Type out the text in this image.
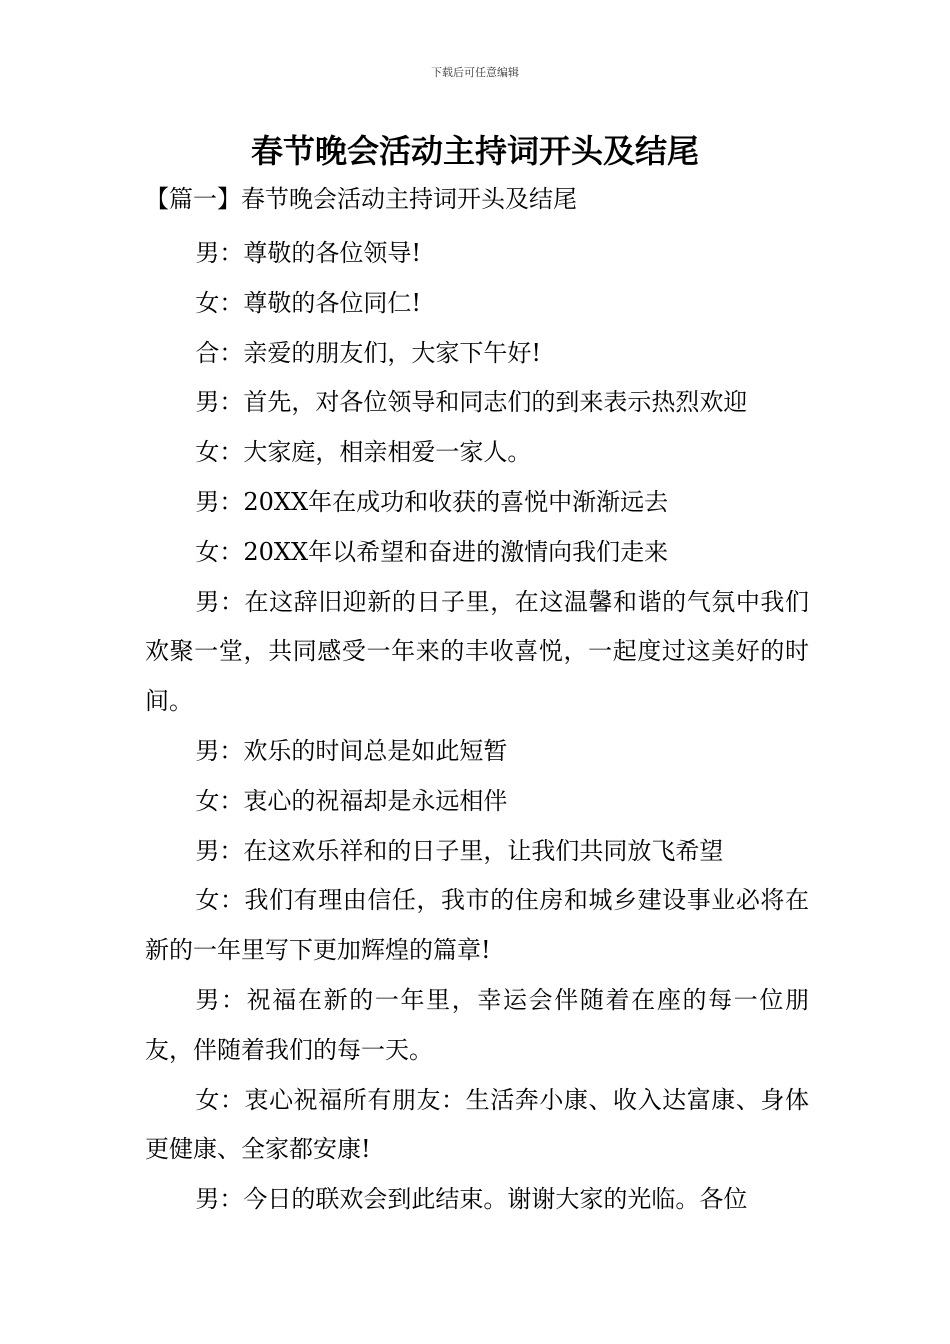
下载后可任意编辑
春节晚会活动主持词开头及结尾
【篇一】春节晚会活动主持词开头及结尾

男：尊敬的各位领导!

女：尊敬的各位同仁!

合：亲爱的朋友们，大家下午好!

男：首先，对各位领导和同志们的到来表示热烈欢迎

女：大家庭，相亲相爱一家人。

男：20XX年在成功和收获的喜悦中渐渐远去

女：20XX年以希望和奋进的激情向我们走来

男：在这辞旧迎新的日子里，在这温馨和谐的气氛中我们欢聚一堂，共同感受一年来的丰收喜悦，一起度过这美好的时间。

男：欢乐的时间总是如此短暂

女：衷心的祝福却是永远相伴

男：在这欢乐祥和的日子里，让我们共同放飞希望

女：我们有理由信任，我市的住房和城乡建设事业必将在新的一年里写下更加辉煌的篇章!

男：祝福在新的一年里，幸运会伴随着在座的每一位朋友，伴随着我们的每一天。

女：衷心祝福所有朋友：生活奔小康、收入达富康、身体更健康、全家都安康!

男：今日的联欢会到此结束。谢谢大家的光临。各位
